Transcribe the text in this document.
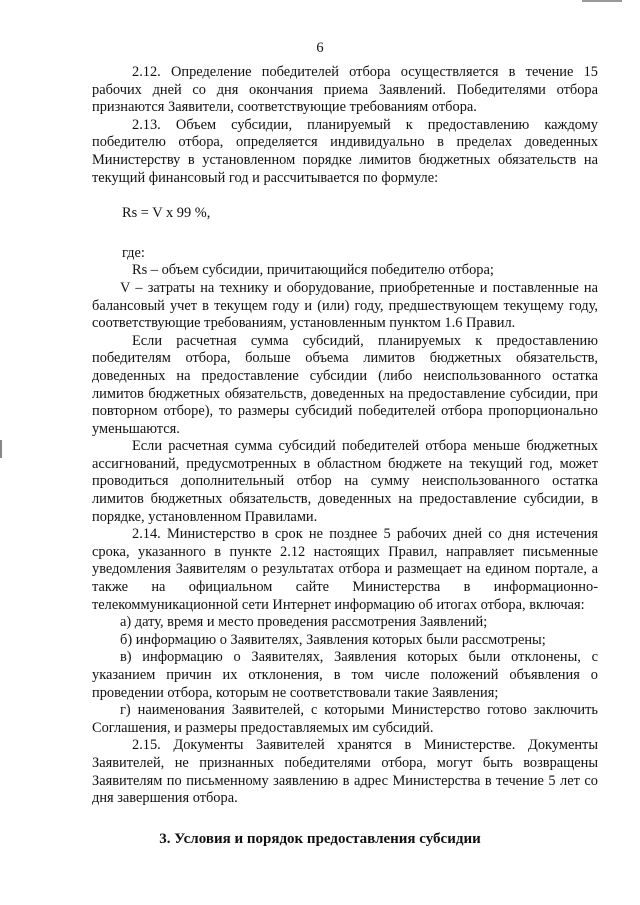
6

2.12. Определение победителей отбора осуществляется в течение 15 рабочих дней со дня окончания приема Заявлений. Победителями отбора признаются Заявители, соответствующие требованиям отбора.

2.13. Объем субсидии, планируемый к предоставлению каждому победителю отбора, определяется индивидуально в пределах доведенных Министерству в установленном порядке лимитов бюджетных обязательств на текущий финансовый год и рассчитывается по формуле:

Rs = V x 99 %,

где:

Rs – объем субсидии, причитающийся победителю отбора;

V – затраты на технику и оборудование, приобретенные и поставленные на балансовый учет в текущем году и (или) году, предшествующем текущему году, соответствующие требованиям, установленным пунктом 1.6 Правил.

Если расчетная сумма субсидий, планируемых к предоставлению победителям отбора, больше объема лимитов бюджетных обязательств, доведенных на предоставление субсидии (либо неиспользованного остатка лимитов бюджетных обязательств, доведенных на предоставление субсидии, при повторном отборе), то размеры субсидий победителей отбора пропорционально уменьшаются.

Если расчетная сумма субсидий победителей отбора меньше бюджетных ассигнований, предусмотренных в областном бюджете на текущий год, может проводиться дополнительный отбор на сумму неиспользованного остатка лимитов бюджетных обязательств, доведенных на предоставление субсидии, в порядке, установленном Правилами.

2.14. Министерство в срок не позднее 5 рабочих дней со дня истечения срока, указанного в пункте 2.12 настоящих Правил, направляет письменные уведомления Заявителям о результатах отбора и размещает на едином портале, а также на официальном сайте Министерства в информационно-телекоммуникационной сети Интернет информацию об итогах отбора, включая:

а) дату, время и место проведения рассмотрения Заявлений;

б) информацию о Заявителях, Заявления которых были рассмотрены;

в) информацию о Заявителях, Заявления которых были отклонены, с указанием причин их отклонения, в том числе положений объявления о проведении отбора, которым не соответствовали такие Заявления;

г) наименования Заявителей, с которыми Министерство готово заключить Соглашения, и размеры предоставляемых им субсидий.

2.15. Документы Заявителей хранятся в Министерстве. Документы Заявителей, не признанных победителями отбора, могут быть возвращены Заявителям по письменному заявлению в адрес Министерства в течение 5 лет со дня завершения отбора.

3. Условия и порядок предоставления субсидии
